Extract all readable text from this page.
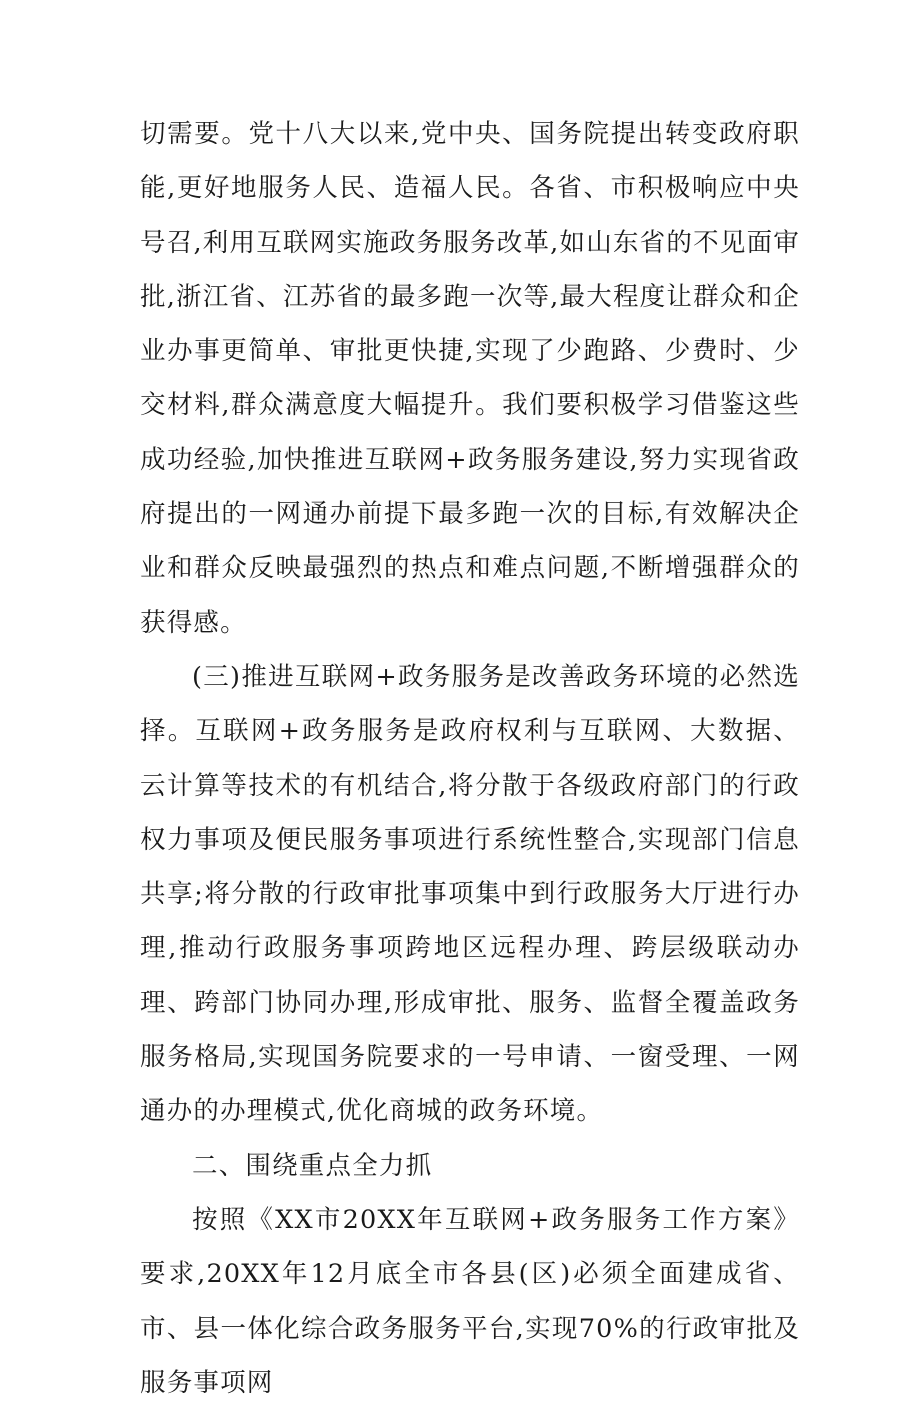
切需要。党十八大以来,党中央、国务院提出转变政府职能,更好地服务人民、造福人民。各省、市积极响应中央号召,利用互联网实施政务服务改革,如山东省的不见面审批,浙江省、江苏省的最多跑一次等,最大程度让群众和企业办事更简单、审批更快捷,实现了少跑路、少费时、少交材料,群众满意度大幅提升。我们要积极学习借鉴这些成功经验,加快推进互联网+政务服务建设,努力实现省政府提出的一网通办前提下最多跑一次的目标,有效解决企业和群众反映最强烈的热点和难点问题,不断增强群众的获得感。

(三)推进互联网+政务服务是改善政务环境的必然选择。互联网+政务服务是政府权利与互联网、大数据、云计算等技术的有机结合,将分散于各级政府部门的行政权力事项及便民服务事项进行系统性整合,实现部门信息共享;将分散的行政审批事项集中到行政服务大厅进行办理,推动行政服务事项跨地区远程办理、跨层级联动办理、跨部门协同办理,形成审批、服务、监督全覆盖政务服务格局,实现国务院要求的一号申请、一窗受理、一网通办的办理模式,优化商城的政务环境。

二、围绕重点全力抓

按照《XX市20XX年互联网+政务服务工作方案》要求,20XX年12月底全市各县(区)必须全面建成省、市、县一体化综合政务服务平台,实现70%的行政审批及服务事项网
